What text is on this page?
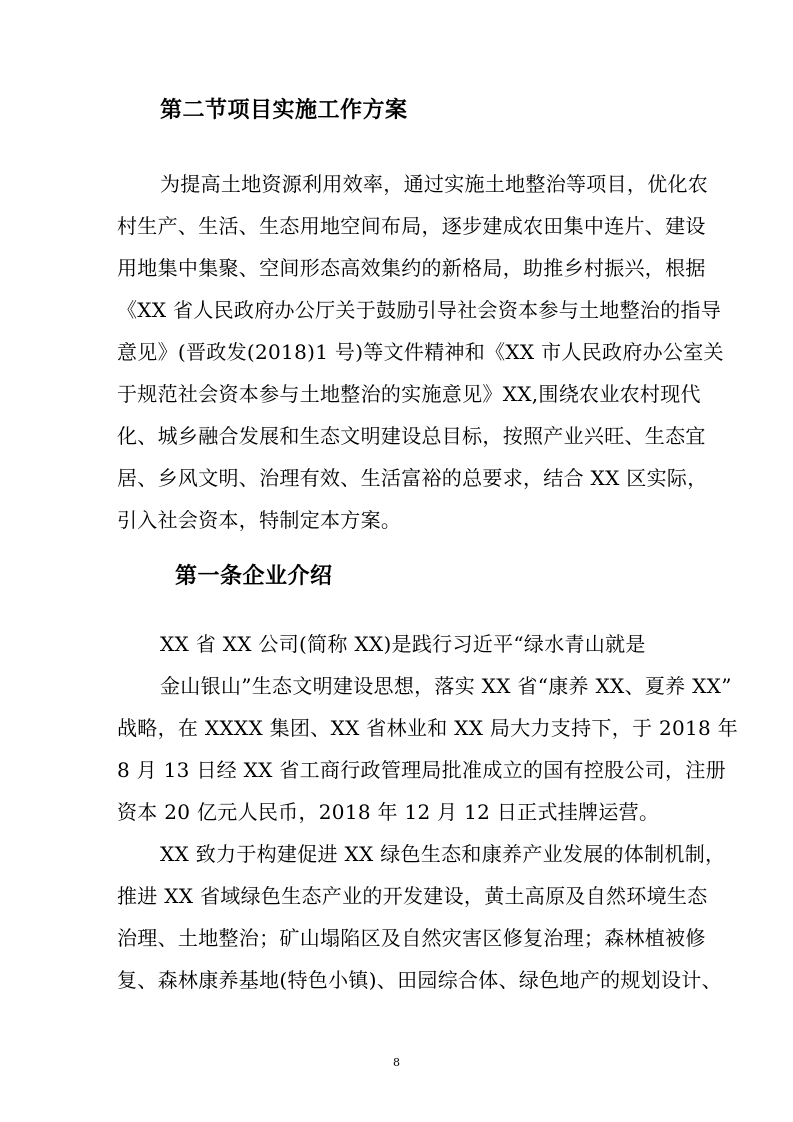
第二节项目实施工作方案
为提高土地资源利用效率，通过实施土地整治等项目，优化农
村生产、生活、生态用地空间布局，逐步建成农田集中连片、建设
用地集中集聚、空间形态高效集约的新格局，助推乡村振兴，根据
《XX 省人民政府办公厅关于鼓励引导社会资本参与土地整治的指导
意见》(晋政发(2018)1 号)等文件精神和《XX 市人民政府办公室关
于规范社会资本参与土地整治的实施意见》XX,围绕农业农村现代
化、城乡融合发展和生态文明建设总目标，按照产业兴旺、生态宜
居、乡风文明、治理有效、生活富裕的总要求，结合 XX 区实际，
引入社会资本，特制定本方案。
第一条企业介绍
XX 省 XX 公司(简称 XX)是践行习近平“绿水青山就是
金山银山”生态文明建设思想，落实 XX 省“康养 XX、夏养 XX”
战略，在 XXXX 集团、XX 省林业和 XX 局大力支持下，于 2018 年
8 月 13 日经 XX 省工商行政管理局批准成立的国有控股公司，注册
资本 20 亿元人民币，2018 年 12 月 12 日正式挂牌运营。
XX 致力于构建促进 XX 绿色生态和康养产业发展的体制机制，
推进 XX 省域绿色生态产业的开发建设，黄土高原及自然环境生态
治理、土地整治；矿山塌陷区及自然灾害区修复治理；森林植被修
复、森林康养基地(特色小镇)、田园综合体、绿色地产的规划设计、
8
